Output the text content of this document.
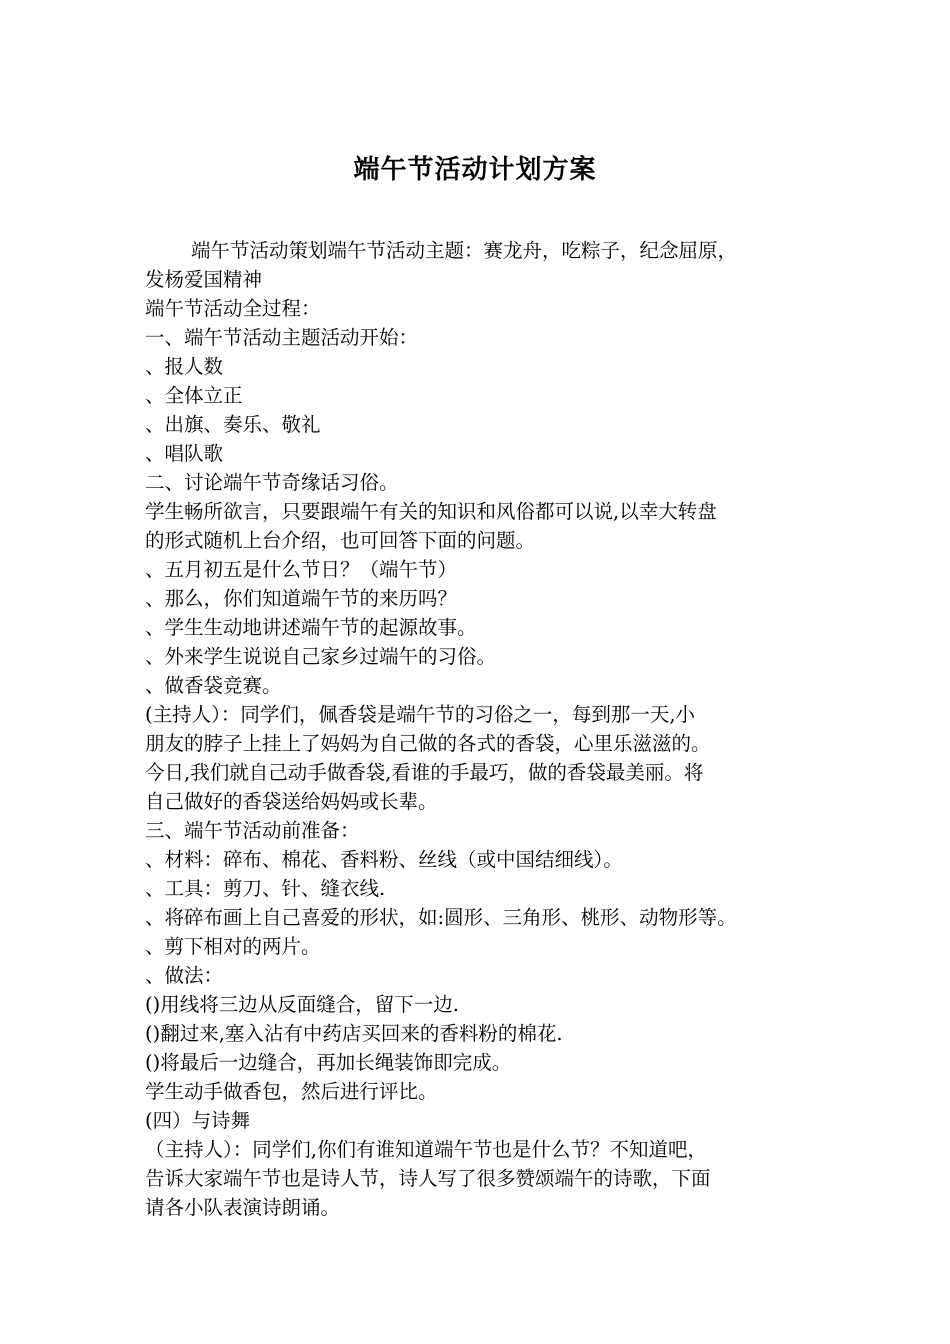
端午节活动计划方案

端午节活动策划端午节活动主题：赛龙舟，吃粽子，纪念屈原，

发杨爱国精神

端午节活动全过程：

一、端午节活动主题活动开始：

、报人数

、全体立正

、出旗、奏乐、敬礼

、唱队歌

二、讨论端午节奇缘话习俗。

学生畅所欲言，只要跟端午有关的知识和风俗都可以说,以幸大转盘

的形式随机上台介绍，也可回答下面的问题。

、五月初五是什么节日？（端午节）

、那么，你们知道端午节的来历吗？

、学生生动地讲述端午节的起源故事。

、外来学生说说自己家乡过端午的习俗。

、做香袋竞赛。

(主持人）：同学们，佩香袋是端午节的习俗之一，每到那一天,小

朋友的脖子上挂上了妈妈为自己做的各式的香袋，心里乐滋滋的。

今日,我们就自己动手做香袋,看谁的手最巧，做的香袋最美丽。将

自己做好的香袋送给妈妈或长辈。

三、端午节活动前准备：

、材料：碎布、棉花、香料粉、丝线（或中国结细线）。

、工具：剪刀、针、缝衣线.

、将碎布画上自己喜爱的形状，如:圆形、三角形、桃形、动物形等。

、剪下相对的两片。

、做法：

()用线将三边从反面缝合，留下一边.

()翻过来,塞入沾有中药店买回来的香料粉的棉花.

()将最后一边缝合，再加长绳装饰即完成。

学生动手做香包，然后进行评比。

(四）与诗舞

（主持人）：同学们,你们有谁知道端午节也是什么节？不知道吧，

告诉大家端午节也是诗人节，诗人写了很多赞颂端午的诗歌，下面

请各小队表演诗朗诵。
